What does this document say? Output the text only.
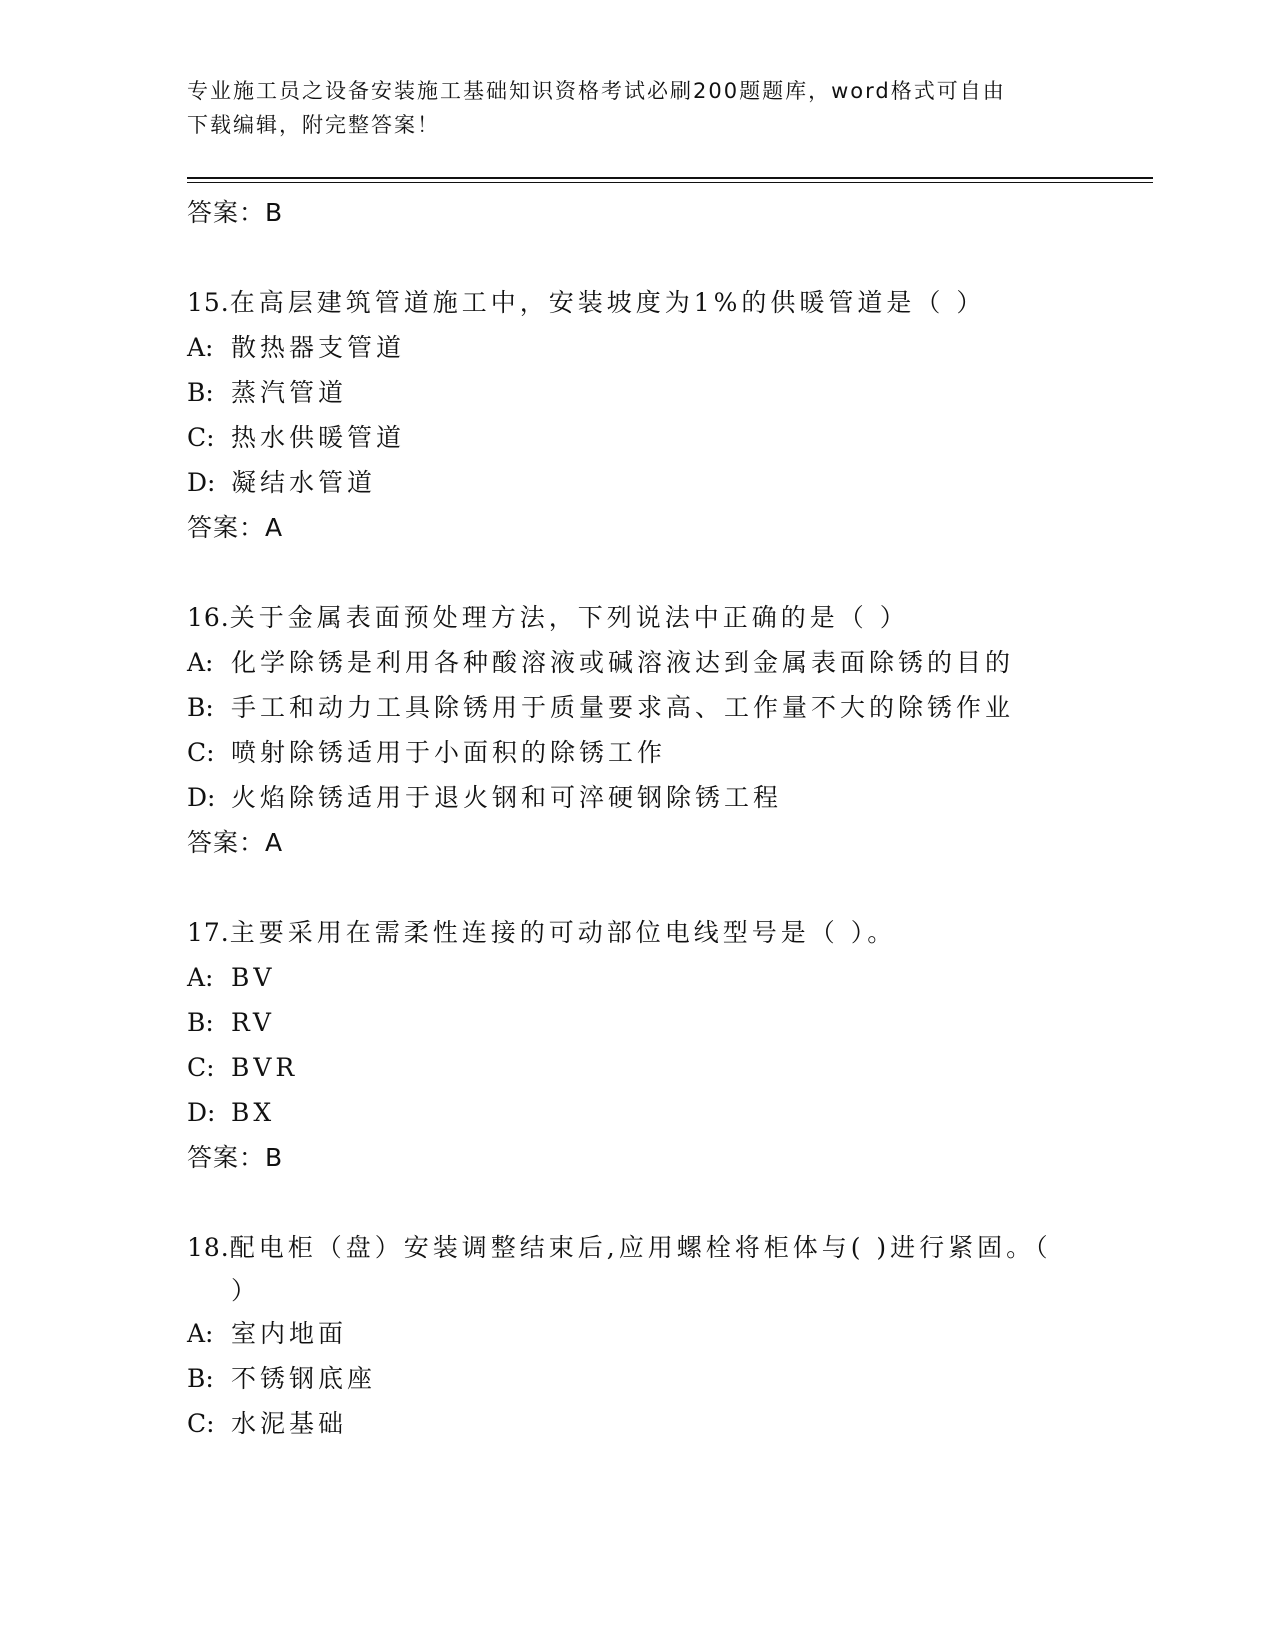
专业施工员之设备安装施工基础知识资格考试必刷200题题库，word格式可自由
下载编辑，附完整答案！
答案：B
15.在高层建筑管道施工中，安装坡度为1%的供暖管道是（ ）
A: 散热器支管道
B: 蒸汽管道
C: 热水供暖管道
D: 凝结水管道
答案：A
16.关于金属表面预处理方法，下列说法中正确的是（ ）
A: 化学除锈是利用各种酸溶液或碱溶液达到金属表面除锈的目的
B: 手工和动力工具除锈用于质量要求高、工作量不大的除锈作业
C: 喷射除锈适用于小面积的除锈工作
D: 火焰除锈适用于退火钢和可淬硬钢除锈工程
答案：A
17.主要采用在需柔性连接的可动部位电线型号是（ ）。
A: BV
B: RV
C: BVR
D: BX
答案：B
18.配电柜（盘）安装调整结束后,应用螺栓将柜体与( )进行紧固。（
）
A: 室内地面
B: 不锈钢底座
C: 水泥基础
